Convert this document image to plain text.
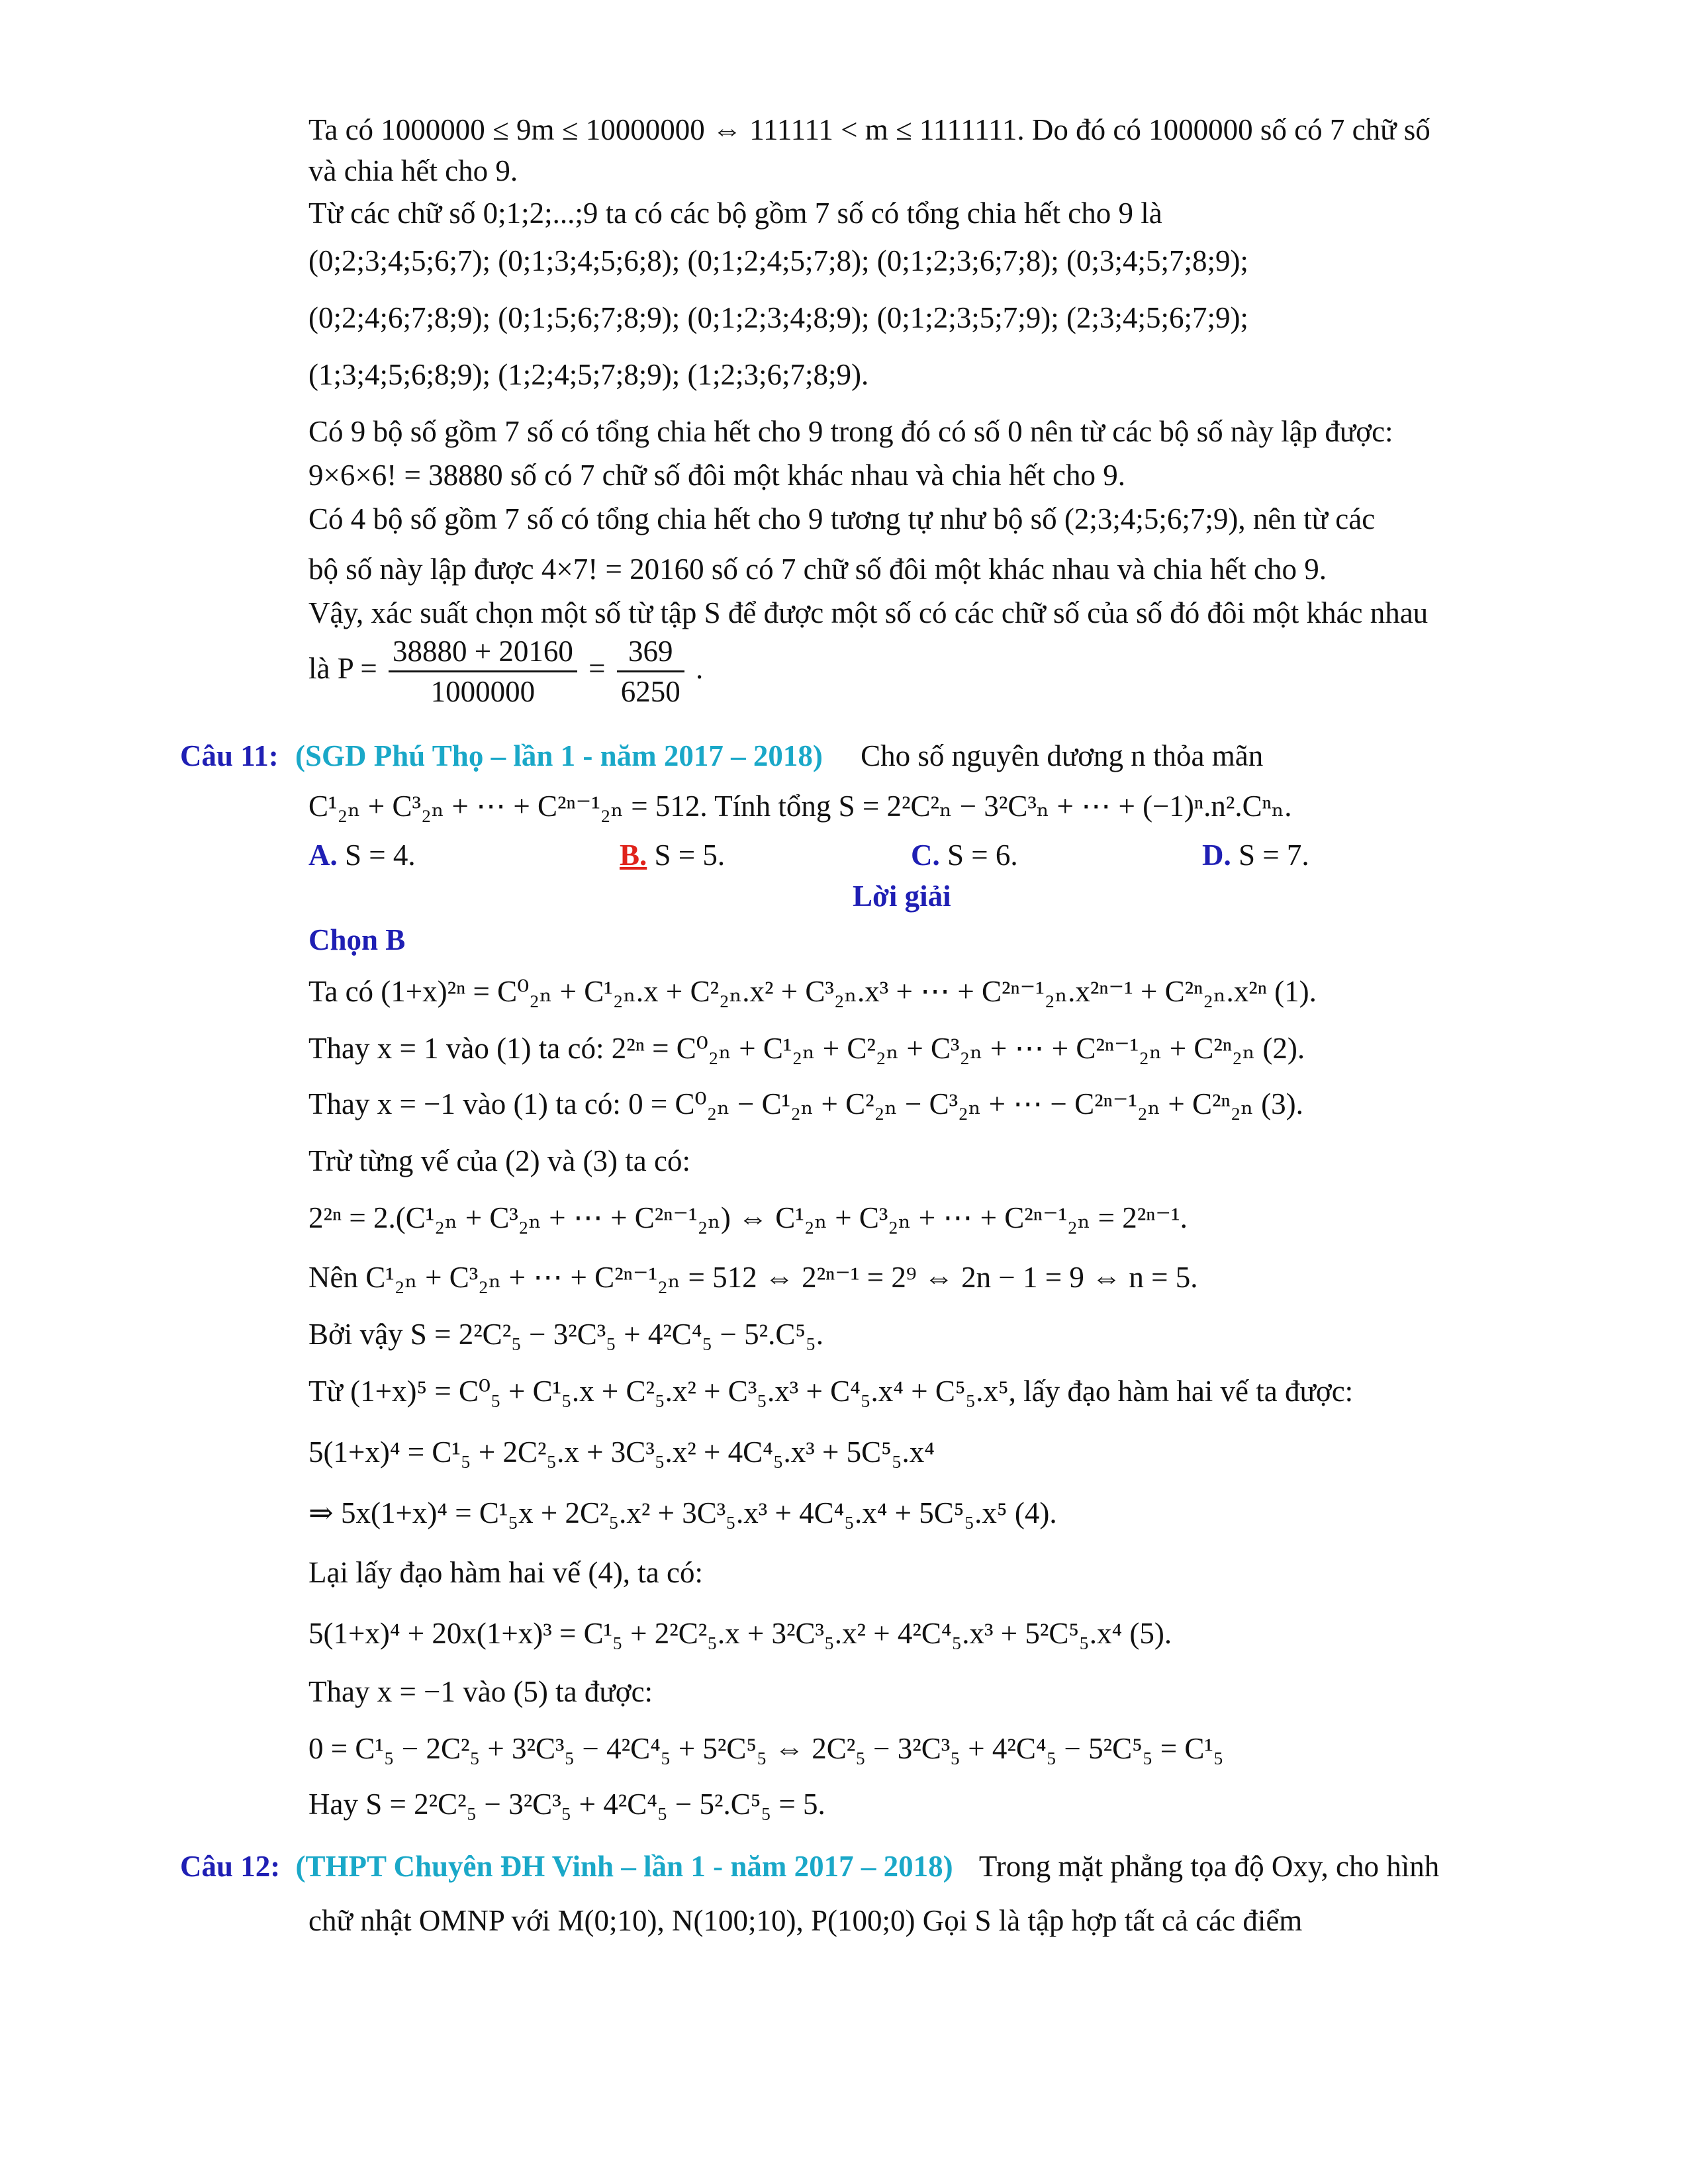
Ta có 1000000 ≤ 9m ≤ 10000000 ⇔ 111111 < m ≤ 1111111. Do đó có 1000000 số có 7 chữ số
và chia hết cho 9.
Từ các chữ số 0;1;2;...;9 ta có các bộ gồm 7 số có tổng chia hết cho 9 là
(0;2;3;4;5;6;7); (0;1;3;4;5;6;8); (0;1;2;4;5;7;8); (0;1;2;3;6;7;8); (0;3;4;5;7;8;9);
(0;2;4;6;7;8;9); (0;1;5;6;7;8;9); (0;1;2;3;4;8;9); (0;1;2;3;5;7;9); (2;3;4;5;6;7;9);
(1;3;4;5;6;8;9); (1;2;4;5;7;8;9); (1;2;3;6;7;8;9).
Có 9 bộ số gồm 7 số có tổng chia hết cho 9 trong đó có số 0 nên từ các bộ số này lập được:
9×6×6! = 38880 số có 7 chữ số đôi một khác nhau và chia hết cho 9.
Có 4 bộ số gồm 7 số có tổng chia hết cho 9 tương tự như bộ số (2;3;4;5;6;7;9), nên từ các
bộ số này lập được 4×7! = 20160 số có 7 chữ số đôi một khác nhau và chia hết cho 9.
Vậy, xác suất chọn một số từ tập S để được một số có các chữ số của số đó đôi một khác nhau
là $P = \frac{38880 + 20160}{1000000} = \frac{369}{6250}$ .
Câu 11: (SGD Phú Thọ – lần 1 - năm 2017 – 2018) Cho số nguyên dương n thỏa mãn
C¹₂ₙ + C³₂ₙ + ⋯ + C²ⁿ⁻¹₂ₙ = 512. Tính tổng S = 2²C²ₙ − 3²C³ₙ + ⋯ + (−1)ⁿ.n².Cⁿₙ.
A. S = 4.	B. S = 5.	C. S = 6.	D. S = 7.
Lời giải
Chọn B
Ta có (1+x)²ⁿ = C⁰₂ₙ + C¹₂ₙ.x + C²₂ₙ.x² + C³₂ₙ.x³ + ⋯ + C²ⁿ⁻¹₂ₙ.x²ⁿ⁻¹ + C²ⁿ₂ₙ.x²ⁿ (1).
Thay x = 1 vào (1) ta có: 2²ⁿ = C⁰₂ₙ + C¹₂ₙ + C²₂ₙ + C³₂ₙ + ⋯ + C²ⁿ⁻¹₂ₙ + C²ⁿ₂ₙ (2).
Thay x = −1 vào (1) ta có: 0 = C⁰₂ₙ − C¹₂ₙ + C²₂ₙ − C³₂ₙ + ⋯ − C²ⁿ⁻¹₂ₙ + C²ⁿ₂ₙ (3).
Trừ từng vế của (2) và (3) ta có:
2²ⁿ = 2.(C¹₂ₙ + C³₂ₙ + ⋯ + C²ⁿ⁻¹₂ₙ) ⇔ C¹₂ₙ + C³₂ₙ + ⋯ + C²ⁿ⁻¹₂ₙ = 2²ⁿ⁻¹.
Nên C¹₂ₙ + C³₂ₙ + ⋯ + C²ⁿ⁻¹₂ₙ = 512 ⇔ 2²ⁿ⁻¹ = 2⁹ ⇔ 2n − 1 = 9 ⇔ n = 5.
Bởi vậy S = 2²C²₅ − 3²C³₅ + 4²C⁴₅ − 5².C⁵₅.
Từ (1+x)⁵ = C⁰₅ + C¹₅.x + C²₅.x² + C³₅.x³ + C⁴₅.x⁴ + C⁵₅.x⁵, lấy đạo hàm hai vế ta được:
5(1+x)⁴ = C¹₅ + 2C²₅.x + 3C³₅.x² + 4C⁴₅.x³ + 5C⁵₅.x⁴
⇒ 5x(1+x)⁴ = C¹₅x + 2C²₅.x² + 3C³₅.x³ + 4C⁴₅.x⁴ + 5C⁵₅.x⁵ (4).
Lại lấy đạo hàm hai vế (4), ta có:
5(1+x)⁴ + 20x(1+x)³ = C¹₅ + 2²C²₅.x + 3²C³₅.x² + 4²C⁴₅.x³ + 5²C⁵₅.x⁴ (5).
Thay x = −1 vào (5) ta được:
0 = C¹₅ − 2C²₅ + 3²C³₅ − 4²C⁴₅ + 5²C⁵₅ ⇔ 2C²₅ − 3²C³₅ + 4²C⁴₅ − 5²C⁵₅ = C¹₅
Hay S = 2²C²₅ − 3²C³₅ + 4²C⁴₅ − 5².C⁵₅ = 5.
Câu 12: (THPT Chuyên ĐH Vinh – lần 1 - năm 2017 – 2018) Trong mặt phẳng tọa độ Oxy, cho hình
chữ nhật OMNP với M(0;10), N(100;10), P(100;0) Gọi S là tập hợp tất cả các điểm
